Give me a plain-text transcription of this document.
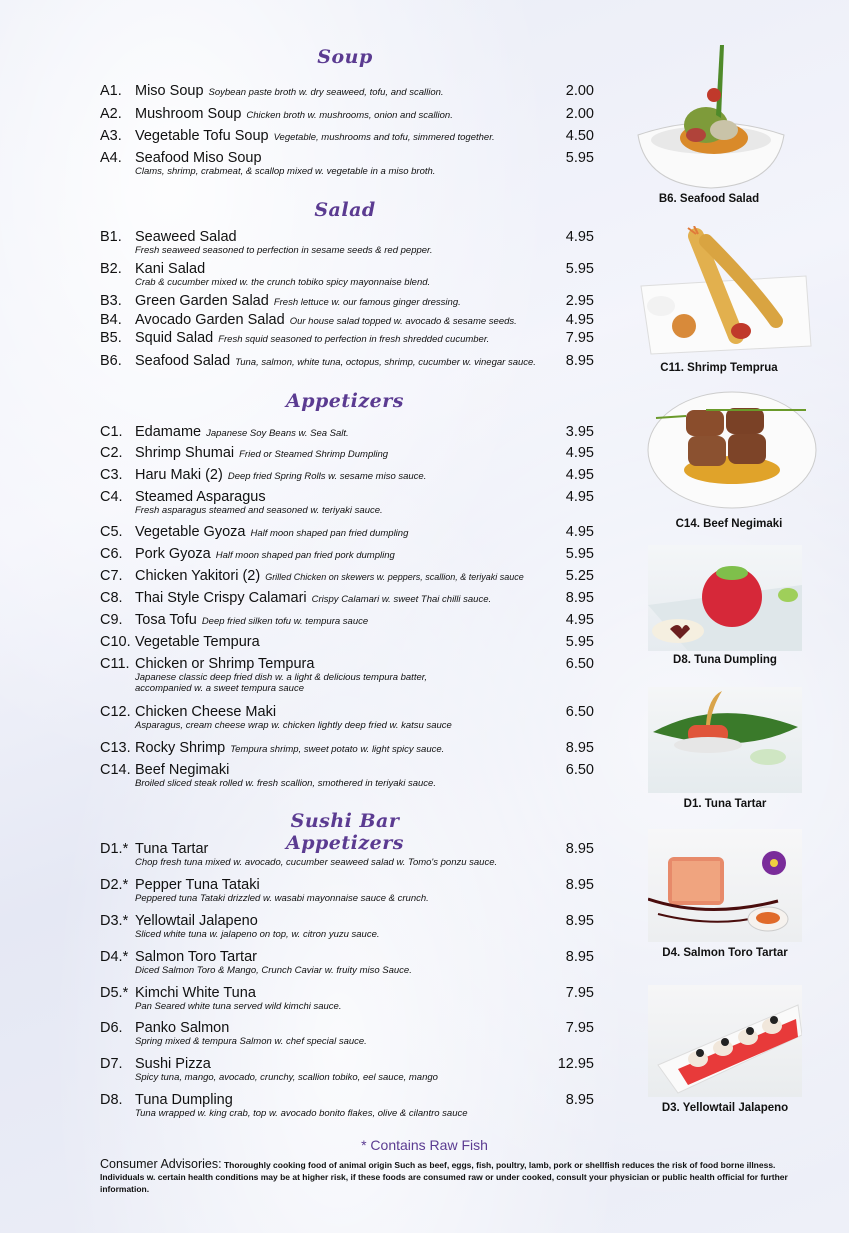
Soup
A1. Miso Soup Soybean paste broth w. dry seaweed, tofu, and scallion.	2.00
A2. Mushroom Soup Chicken broth w. mushrooms, onion and scallion.	2.00
A3. Vegetable Tofu Soup Vegetable, mushrooms and tofu, simmered together.	4.50
A4. Seafood Miso Soup	5.95
Clams, shrimp, crabmeat, & scallop mixed w. vegetable in a miso broth.
Salad
B1. Seaweed Salad	4.95
Fresh seaweed seasoned to perfection in sesame seeds & red pepper.
B2. Kani Salad	5.95
Crab & cucumber mixed w. the crunch tobiko spicy mayonnaise blend.
B3. Green Garden Salad Fresh lettuce w. our famous ginger dressing.	2.95
B4. Avocado Garden Salad Our house salad topped w. avocado & sesame seeds.	4.95
B5. Squid Salad Fresh squid seasoned to perfection in fresh shredded cucumber.	7.95
B6. Seafood Salad Tuna, salmon, white tuna, octopus, shrimp, cucumber w. vinegar sauce. 8.95
Appetizers
C1. Edamame Japanese Soy Beans w. Sea Salt.	3.95
C2. Shrimp Shumai Fried or Steamed Shrimp Dumpling	4.95
C3. Haru Maki (2) Deep fried Spring Rolls w. sesame miso sauce.	4.95
C4. Steamed Asparagus	4.95
Fresh asparagus steamed and seasoned w. teriyaki sauce.
C5. Vegetable Gyoza Half moon shaped pan fried dumpling	4.95
C6. Pork Gyoza Half moon shaped pan fried pork dumpling	5.95
C7. Chicken Yakitori (2) Grilled Chicken on skewers w. peppers, scallion, & teriyaki sauce	5.25
C8. Thai Style Crispy Calamari Crispy Calamari w. sweet Thai chilli sauce.	8.95
C9. Tosa Tofu Deep fried silken tofu w. tempura sauce	4.95
C10. Vegetable Tempura	5.95
C11. Chicken or Shrimp Tempura	6.50
Japanese classic deep fried dish w. a light & delicious tempura batter,
accompanied w. a sweet tempura sauce
C12. Chicken Cheese Maki	6.50
Asparagus, cream cheese wrap w. chicken lightly deep fried w. katsu sauce
C13. Rocky Shrimp Tempura shrimp, sweet potato w. light spicy sauce.	8.95
C14. Beef Negimaki	6.50
Broiled sliced steak rolled w. fresh scallion, smothered in teriyaki sauce.
Sushi Bar Appetizers
D1.* Tuna Tartar	8.95
Chop fresh tuna mixed w. avocado, cucumber seaweed salad w. Tomo's ponzu sauce.
D2.* Pepper Tuna Tataki	8.95
Peppered tuna Tataki drizzled w. wasabi mayonnaise sauce & crunch.
D3.* Yellowtail Jalapeno	8.95
Sliced white tuna w. jalapeno on top, w. citron yuzu sauce.
D4.* Salmon Toro Tartar	8.95
Diced Salmon Toro & Mango, Crunch Caviar w. fruity miso Sauce.
D5.* Kimchi White Tuna	7.95
Pan Seared white tuna served wild kimchi sauce.
D6. Panko Salmon	7.95
Spring mixed & tempura Salmon w. chef special sauce.
D7. Sushi Pizza	12.95
Spicy tuna, mango, avocado, crunchy, scallion tobiko, eel sauce, mango
D8. Tuna Dumpling	8.95
Tuna wrapped w. king crab, top w. avocado bonito flakes, olive & cilantro sauce
B6. Seafood Salad
C11. Shrimp Temprua
C14. Beef Negimaki
D8. Tuna Dumpling
D1. Tuna Tartar
D4. Salmon Toro Tartar
D3. Yellowtail Jalapeno
* Contains Raw Fish
Consumer Advisories: Thoroughly cooking food of animal origin Such as beef, eggs, fish, poultry, lamb, pork or shellfish reduces the risk of food borne illness.
Individuals w. certain health conditions may be at higher risk, if these foods are consumed raw or under cooked, consult your physician or public health official for further information.
